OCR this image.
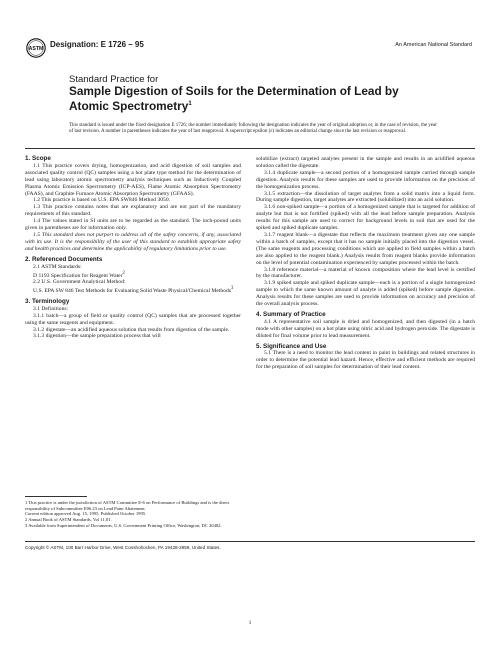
ASTM Designation: E 1726 – 95	An American National Standard
Standard Practice for
Sample Digestion of Soils for the Determination of Lead by
Atomic Spectrometry$^1$
This standard is issued under the fixed designation E 1726; the number immediately following the designation indicates the year of original adoption or, in the case of revision, the year of last revision. A number in parentheses indicates the year of last reapproval. A superscript epsilon (ε) indicates an editorial change since the last revision or reapproval.

1. Scope

1.1 This practice covers drying, homogenization, and acid digestion of soil samples and associated quality control (QC) samples using a hot plate type method for the determination of lead using laboratory atomic spectrometry analysis techniques such as Inductively Coupled Plasma Atomic Emission Spectrometry (ICP-AES), Flame Atomic Absorption Spectrometry (FAAS), and Graphite Furnace Atomic Absorption Spectrometry (GFAAS).

1.2 This practice is based on U.S. EPA SW846 Method 3050.

1.3 This practice contains notes that are explanatory and are not part of the mandatory requirements of this standard.

1.4 The values stated in SI units are to be regarded as the standard. The inch-pound units given in parentheses are for information only.

1.5 This standard does not purport to address all of the safety concerns, if any, associated with its use. It is the responsibility of the user of this standard to establish appropriate safety and health practices and determine the applicability of regulatory limitations prior to use.

2. Referenced Documents

2.1 ASTM Standards:

D 1193 Specification for Reagent Water$^2$

2.2 U.S. Government Analytical Method:

U.S. EPA SW 846 Test Methods for Evaluating Solid Waste Physical/Chemical Methods$^3$

3. Terminology

3.1 Definitions:

3.1.1 batch—a group of field or quality control (QC) samples that are processed together using the same reagents and equipment.

3.1.2 digestate—an acidified aqueous solution that results from digestion of the sample.

3.1.3 digestion—the sample preparation process that will

1 This practice is under the jurisdiction of ASTM Committee E-6 on Performance of Buildings and is the direct responsibility of Subcommittee E06.23 on Lead Paint Abatement.

Current edition approved Aug. 15, 1995. Published October 1995.

2 Annual Book of ASTM Standards, Vol 11.01.

3 Available from Superintendent of Documents, U.S. Government Printing Office, Washington, DC 20402.

solubilize (extract) targeted analytes present in the sample and results in an acidified aqueous solution called the digestate.

3.1.4 duplicate sample—a second portion of a homogenized sample carried through sample digestion. Analysis results for these samples are used to provide information on the precision of the homogenization process.

3.1.5 extraction—the dissolution of target analytes from a solid matrix into a liquid form. During sample digestion, target analytes are extracted (solubilized) into an acid solution.

3.1.6 non-spiked sample—a portion of a homogenized sample that is targeted for addition of analyte but that is not fortified (spiked) with all the lead before sample preparation. Analysis results for this sample are used to correct for background levels in soil that are used for the spiked and spiked duplicate samples.

3.1.7 reagent blank—a digestate that reflects the maximum treatment given any one sample within a batch of samples, except that it has no sample initially placed into the digestion vessel. (The same reagents and processing conditions which are applied to field samples within a batch are also applied to the reagent blank.) Analysis results from reagent blanks provide information on the level of potential contamination experienced by samples processed within the batch.

3.1.8 reference material—a material of known composition where the lead level is certified by the manufacturer.

3.1.9 spiked sample and spiked duplicate sample—each is a portion of a single homogenized sample to which the same known amount of analyte is added (spiked) before sample digestion. Analysis results for these samples are used to provide information on accuracy and precision of the overall analysis process.

4. Summary of Practice

4.1 A representative soil sample is dried and homogenized, and then digested (in a batch mode with other samples) on a hot plate using nitric acid and hydrogen peroxide. The digestate is diluted for final volume prior to lead measurement.

5. Significance and Use

5.1 There is a need to monitor the lead content in paint in buildings and related structures in order to determine the potential lead hazard. Hence, effective and efficient methods are required for the preparation of soil samples for determination of their lead content.

Copyright © ASTM, 100 Barr Harbor Drive, West Conshohocken, PA 19428-2959, United States.
1
